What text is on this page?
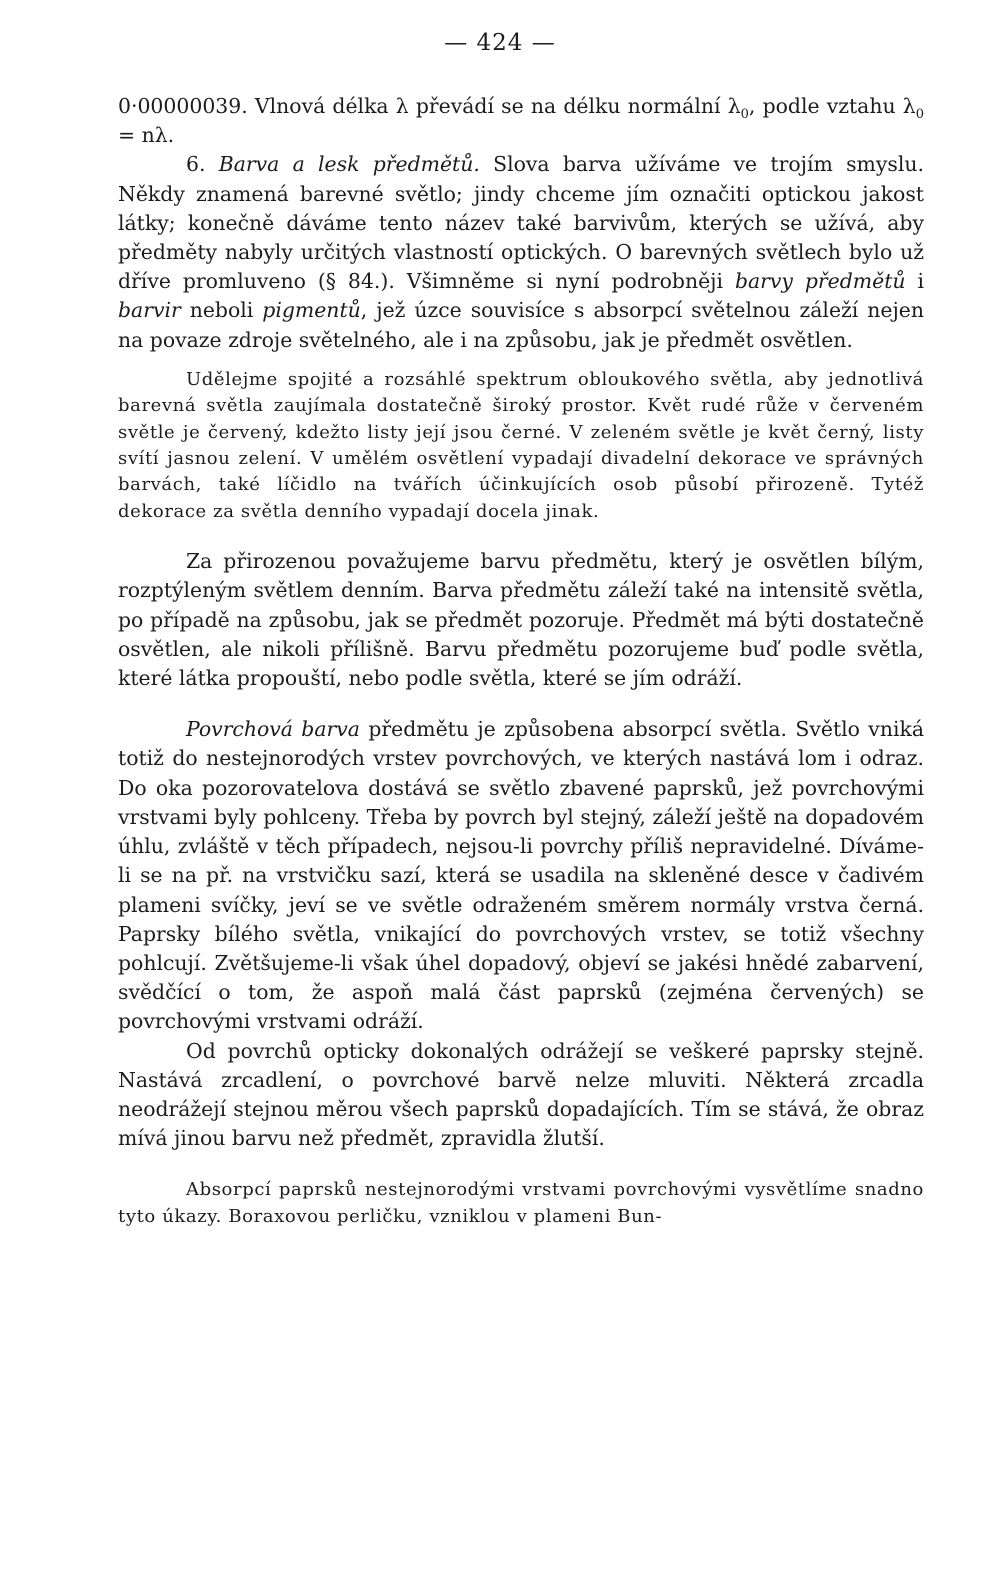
— 424 —

0·00000039. Vlnová délka λ převádí se na délku normální $\lambda_0$, podle vztahu $\lambda_0 = n\lambda$.

6. Barva a lesk předmětů. Slova barva užíváme ve trojím smyslu. Někdy znamená barevné světlo; jindy chceme jím označiti optickou jakost látky; konečně dáváme tento název také barvivům, kterých se užívá, aby předměty nabyly určitých vlastností optických. O barevných světlech bylo už dříve promluveno (§ 84.). Všimněme si nyní podrobněji barvy předmětů i barvir neboli pigmentů, jež úzce souvisíce s absorpcí světelnou záleží nejen na povaze zdroje světelného, ale i na způsobu, jak je předmět osvětlen.

Udělejme spojité a rozsáhlé spektrum obloukového světla, aby jednotlivá barevná světla zaujímala dostatečně široký prostor. Květ rudé růže v červeném světle je červený, kdežto listy její jsou černé. V zeleném světle je květ černý, listy svítí jasnou zelení. V umělém osvětlení vypadají divadelní dekorace ve správných barvách, také líčidlo na tvářích účinkujících osob působí přirozeně. Tytéž dekorace za světla denního vypadají docela jinak.

Za přirozenou považujeme barvu předmětu, který je osvětlen bílým, rozptýleným světlem denním. Barva předmětu záleží také na intensitě světla, po případě na způsobu, jak se předmět pozoruje. Předmět má býti dostatečně osvětlen, ale nikoli přílišně. Barvu předmětu pozorujeme buď podle světla, které látka propouští, nebo podle světla, které se jím odráží.

Povrchová barva předmětu je způsobena absorpcí světla. Světlo vniká totiž do nestejnorodých vrstev povrchových, ve kterých nastává lom i odraz. Do oka pozorovatelova dostává se světlo zbavené paprsků, jež povrchovými vrstvami byly pohlceny. Třeba by povrch byl stejný, záleží ještě na dopadovém úhlu, zvláště v těch případech, nejsou-li povrchy příliš nepravidelné. Díváme-li se na př. na vrstvičku sazí, která se usadila na skleněné desce v čadivém plameni svíčky, jeví se ve světle odraženém směrem normály vrstva černá. Paprsky bílého světla, vnikající do povrchových vrstev, se totiž všechny pohlcují. Zvětšujeme-li však úhel dopadový, objeví se jakési hnědé zabarvení, svědčící o tom, že aspoň malá část paprsků (zejména červených) se povrchovými vrstvami odráží.

Od povrchů opticky dokonalých odrážejí se veškeré paprsky stejně. Nastává zrcadlení, o povrchové barvě nelze mluviti. Některá zrcadla neodrážejí stejnou měrou všech paprsků dopadajících. Tím se stává, že obraz mívá jinou barvu než předmět, zpravidla žlutší.

Absorpcí paprsků nestejnorodými vrstvami povrchovými vysvětlíme snadno tyto úkazy. Boraxovou perličku, vzniklou v plameni Bun-
